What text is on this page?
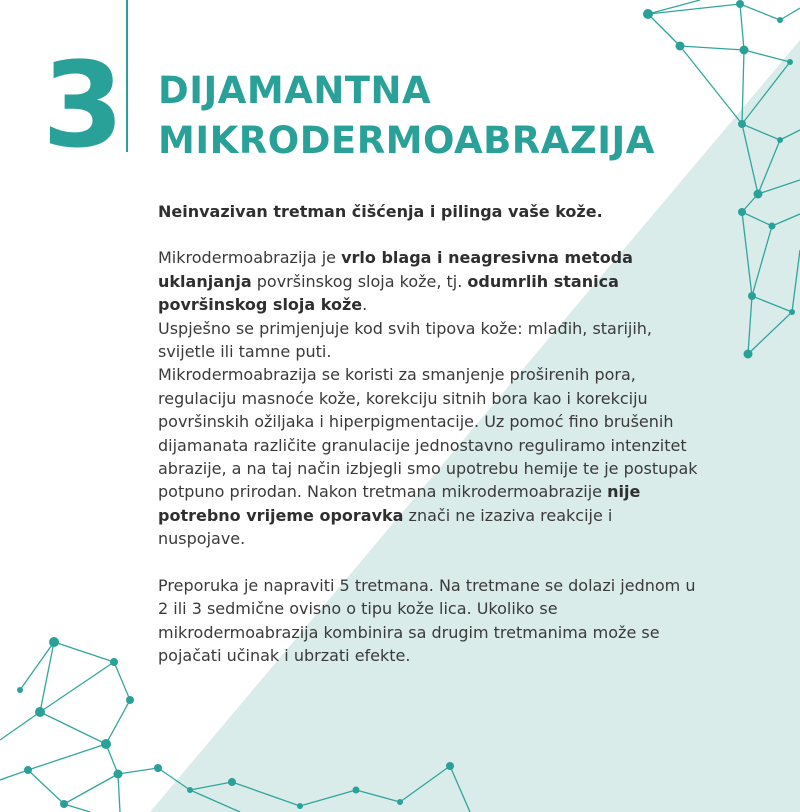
3 DIJAMANTNA
MIKRODERMOABRAZIJA

Neinvazivan tretman čišćenja i pilinga vaše kože.

Mikrodermoabrazija je vrlo blaga i neagresivna metoda uklanjanja površinskog sloja kože, tj. odumrlih stanica površinskog sloja kože.

Uspješno se primjenjuje kod svih tipova kože: mlađih, starijih, svijetle ili tamne puti.

Mikrodermoabrazija se koristi za smanjenje proširenih pora, regulaciju masnoće kože, korekciju sitnih bora kao i korekciju površinskih ožiljaka i hiperpigmentacije. Uz pomoć fino brušenih dijamanata različite granulacije jednostavno reguliramo intenzitet abrazije, a na taj način izbjegli smo upotrebu hemije te je postupak potpuno prirodan. Nakon tretmana mikrodermoabrazije nije potrebno vrijeme oporavka znači ne izaziva reakcije i nuspojave.

Preporuka je napraviti 5 tretmana. Na tretmane se dolazi jednom u 2 ili 3 sedmične ovisno o tipu kože lica. Ukoliko se mikrodermoabrazija kombinira sa drugim tretmanima može se pojačati učinak i ubrzati efekte.
